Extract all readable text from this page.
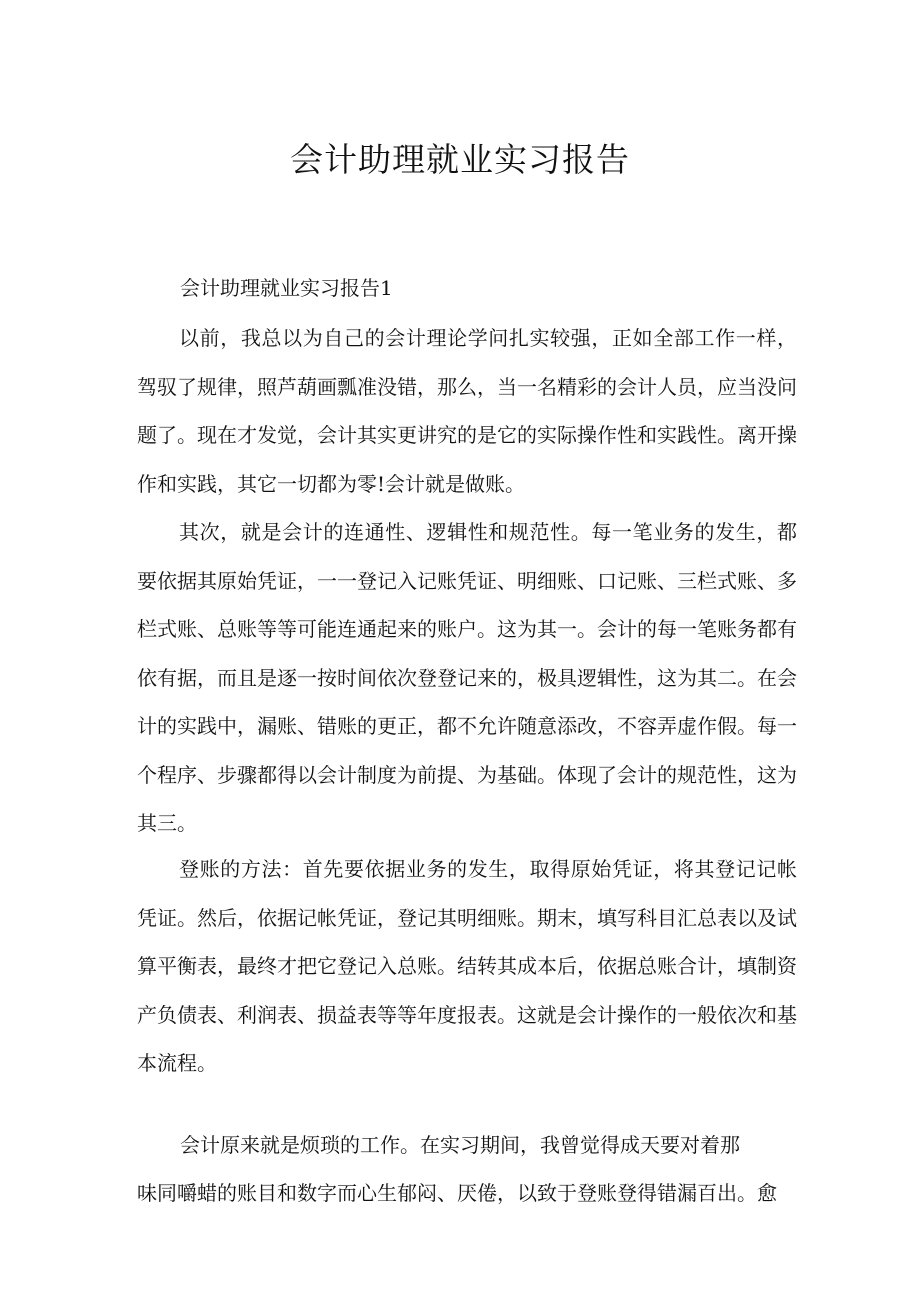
会计助理就业实习报告
会计助理就业实习报告1
以前，我总以为自己的会计理论学问扎实较强，正如全部工作一样，驾驭了规律，照芦葫画瓢准没错，那么，当一名精彩的会计人员，应当没问题了。现在才发觉，会计其实更讲究的是它的实际操作性和实践性。离开操作和实践，其它一切都为零!会计就是做账。
其次，就是会计的连通性、逻辑性和规范性。每一笔业务的发生，都要依据其原始凭证，一一登记入记账凭证、明细账、口记账、三栏式账、多栏式账、总账等等可能连通起来的账户。这为其一。会计的每一笔账务都有依有据，而且是逐一按时间依次登登记来的，极具逻辑性，这为其二。在会计的实践中，漏账、错账的更正，都不允许随意添改，不容弄虚作假。每一个程序、步骤都得以会计制度为前提、为基础。体现了会计的规范性，这为其三。
登账的方法：首先要依据业务的发生，取得原始凭证，将其登记记帐凭证。然后，依据记帐凭证，登记其明细账。期末，填写科目汇总表以及试算平衡表，最终才把它登记入总账。结转其成本后，依据总账合计，填制资产负债表、利润表、损益表等等年度报表。这就是会计操作的一般依次和基本流程。
会计原来就是烦琐的工作。在实习期间，我曾觉得成天要对着那
味同嚼蜡的账目和数字而心生郁闷、厌倦，以致于登账登得错漏百出。愈
